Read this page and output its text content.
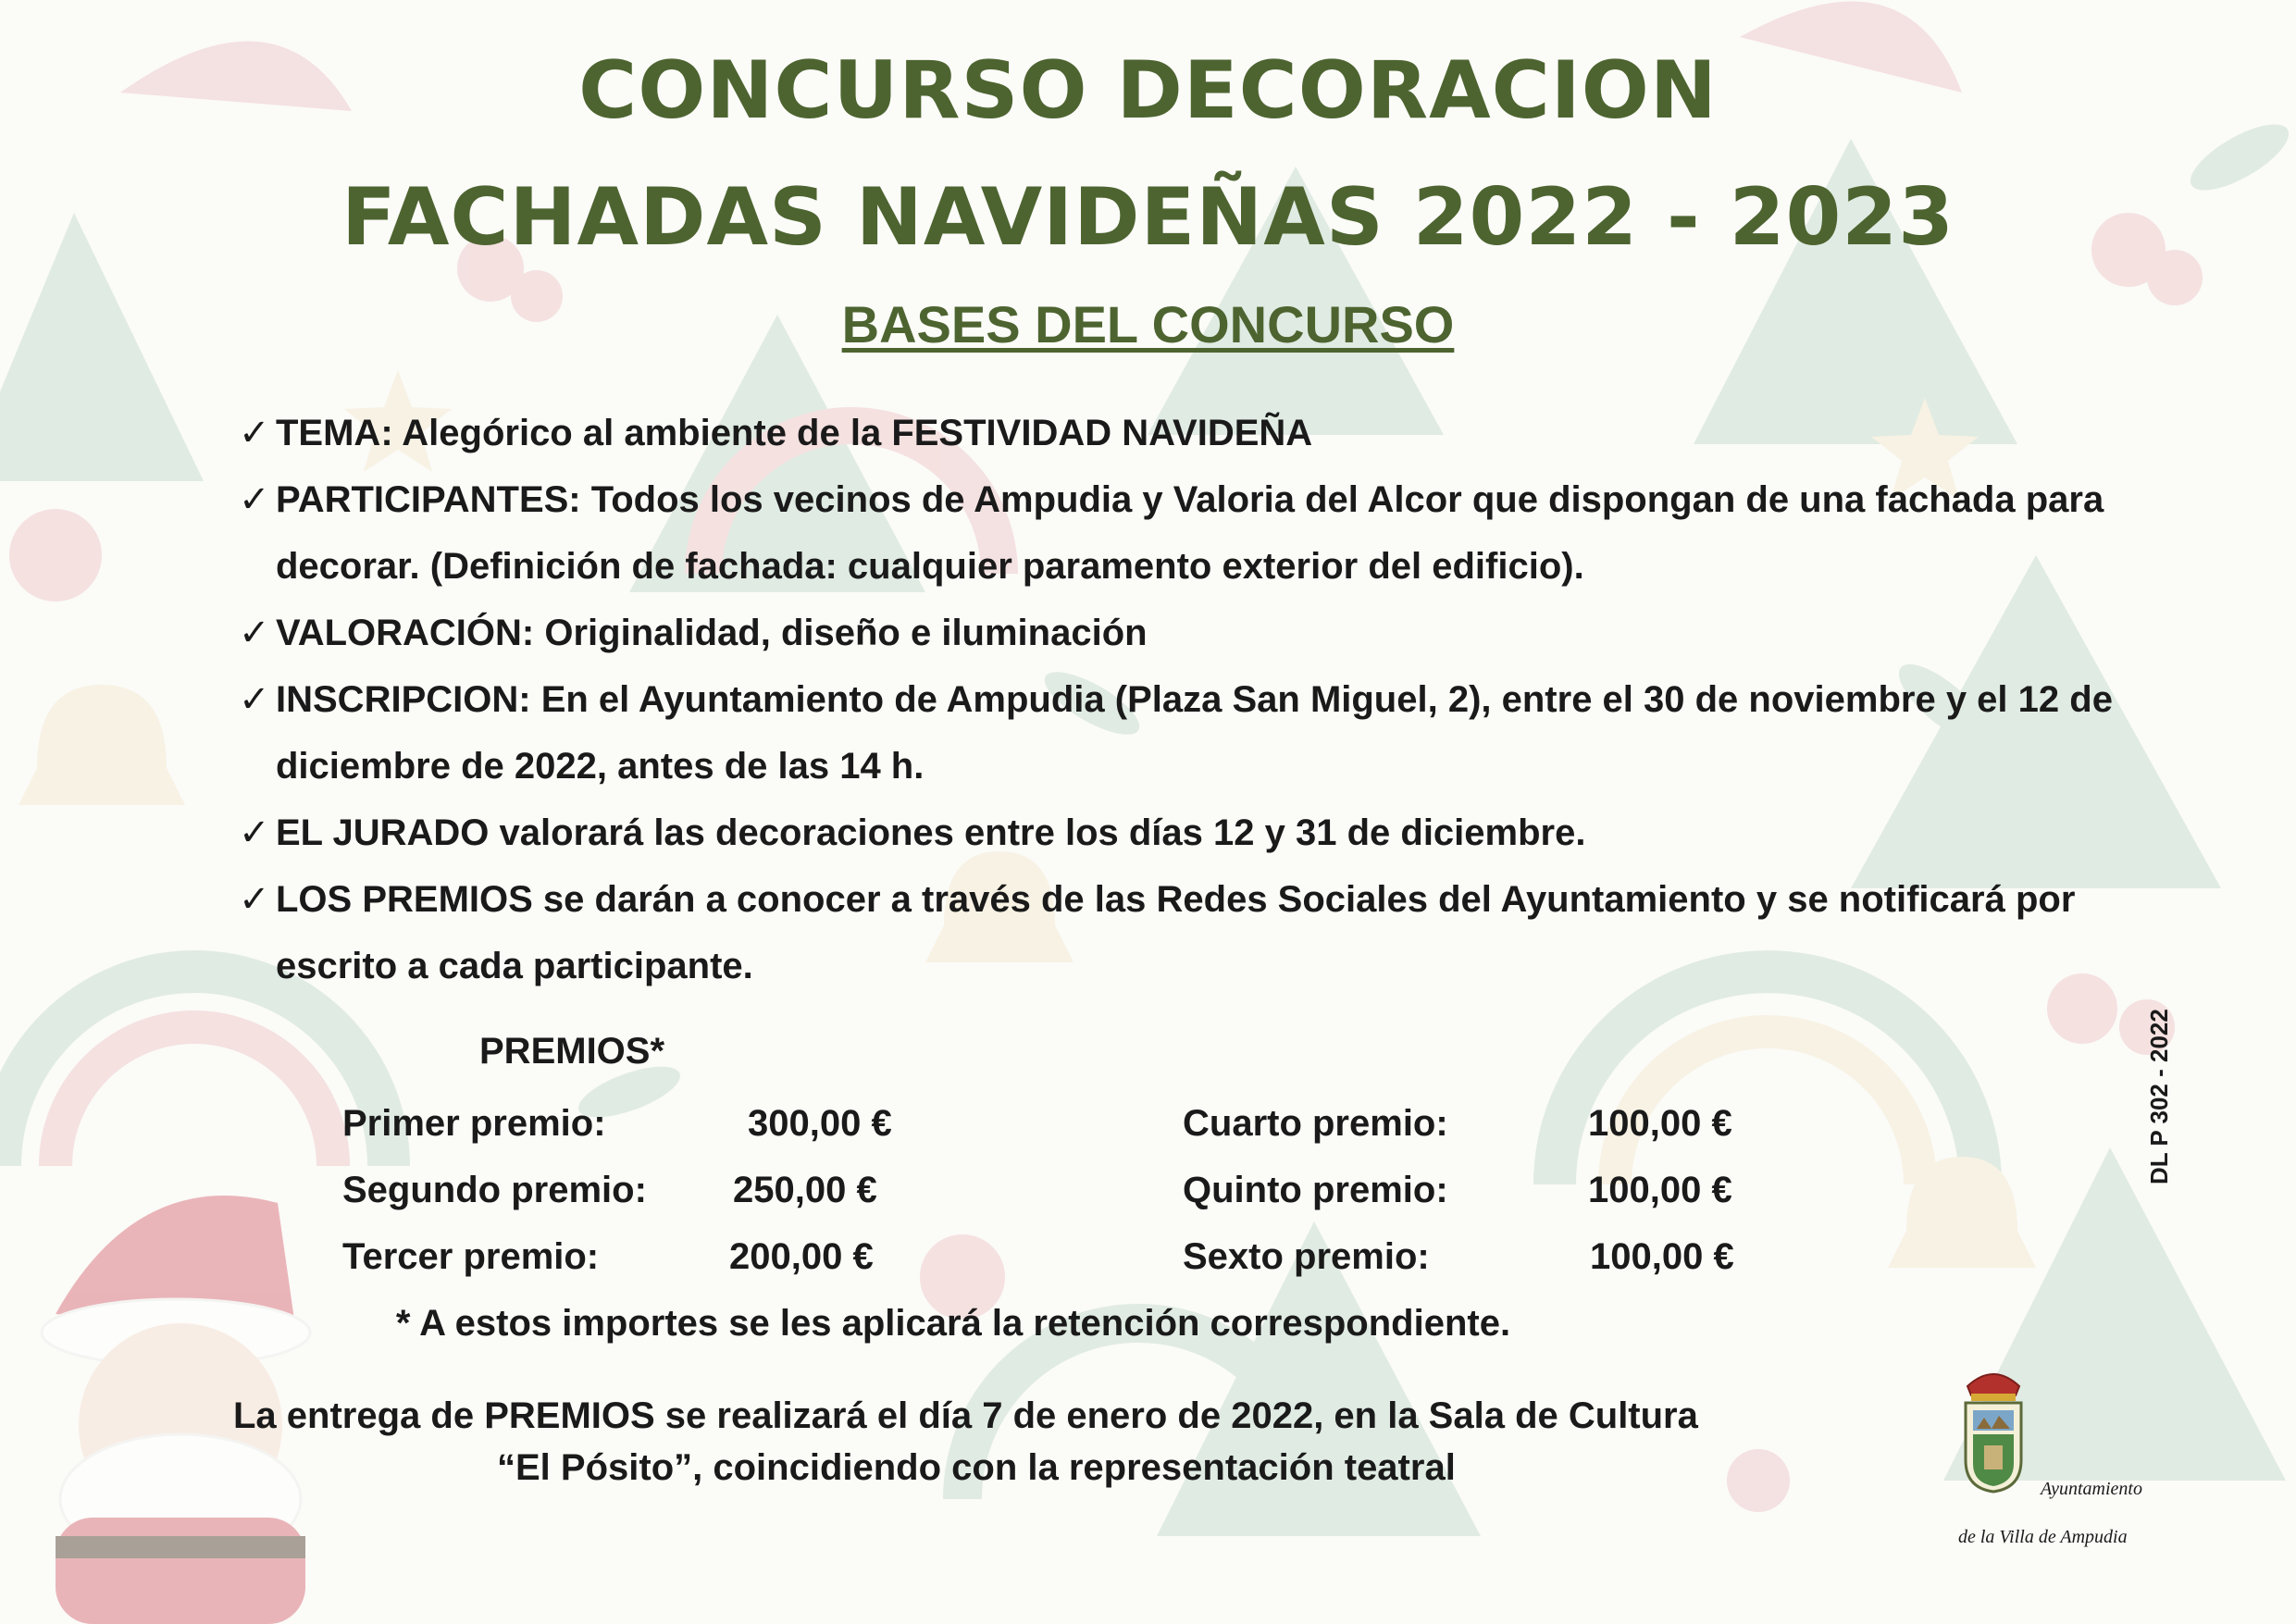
CONCURSO DECORACION
FACHADAS NAVIDEÑAS 2022 - 2023
BASES DEL CONCURSO
✓ TEMA: Alegórico al ambiente de la FESTIVIDAD NAVIDEÑA
✓ PARTICIPANTES: Todos los vecinos de Ampudia y Valoria del Alcor que dispongan de una fachada para decorar. (Definición de fachada: cualquier paramento exterior del edificio).
✓ VALORACIÓN: Originalidad, diseño e iluminación
✓ INSCRIPCION: En el Ayuntamiento de Ampudia (Plaza San Miguel, 2), entre el 30 de noviembre y el 12 de diciembre de 2022, antes de las 14 h.
✓ EL JURADO valorará las decoraciones entre los días 12 y 31 de diciembre.
✓ LOS PREMIOS se darán a conocer a través de las Redes Sociales del Ayuntamiento y se notificará por escrito a cada participante.
PREMIOS*
Primer premio:	300,00 €
Segundo premio: 250,00 €
Tercer premio:	200,00 €
Cuarto premio:	100,00 €
Quinto premio:	100,00 €
Sexto premio:	100,00 €
* A estos importes se les aplicará la retención correspondiente.
La entrega de PREMIOS se realizará el día 7 de enero de 2022, en la Sala de Cultura
“El Pósito”, coincidiendo con la representación teatral
DL P 302 - 2022
Ayuntamiento
de la Villa de Ampudia
